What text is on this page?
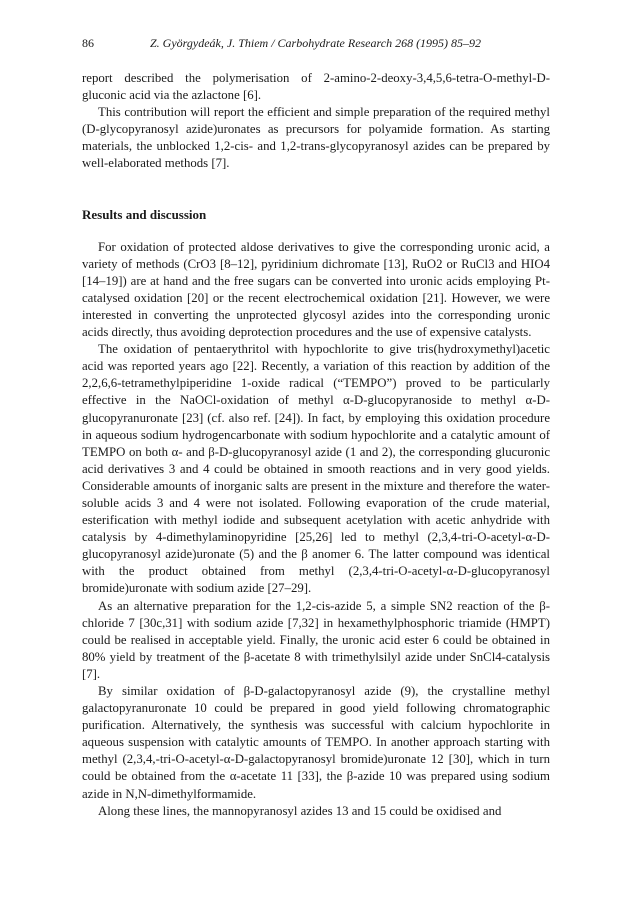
86	Z. Györgydeák, J. Thiem / Carbohydrate Research 268 (1995) 85–92

report described the polymerisation of 2-amino-2-deoxy-3,4,5,6-tetra-O-methyl-D-gluconic acid via the azlactone [6].

This contribution will report the efficient and simple preparation of the required methyl (D-glycopyranosyl azide)uronates as precursors for polyamide formation. As starting materials, the unblocked 1,2-cis- and 1,2-trans-glycopyranosyl azides can be prepared by well-elaborated methods [7].

Results and discussion

For oxidation of protected aldose derivatives to give the corresponding uronic acid, a variety of methods (CrO3 [8–12], pyridinium dichromate [13], RuO2 or RuCl3 and HIO4 [14–19]) are at hand and the free sugars can be converted into uronic acids employing Pt-catalysed oxidation [20] or the recent electrochemical oxidation [21]. However, we were interested in converting the unprotected glycosyl azides into the corresponding uronic acids directly, thus avoiding deprotection procedures and the use of expensive catalysts.

The oxidation of pentaerythritol with hypochlorite to give tris(hydroxymethyl)acetic acid was reported years ago [22]. Recently, a variation of this reaction by addition of the 2,2,6,6-tetramethylpiperidine 1-oxide radical (“TEMPO”) proved to be particularly effective in the NaOCl-oxidation of methyl α-D-glucopyranoside to methyl α-D-glucopyranuronate [23] (cf. also ref. [24]). In fact, by employing this oxidation procedure in aqueous sodium hydrogencarbonate with sodium hypochlorite and a catalytic amount of TEMPO on both α- and β-D-glucopyranosyl azide (1 and 2), the corresponding glucuronic acid derivatives 3 and 4 could be obtained in smooth reactions and in very good yields. Considerable amounts of inorganic salts are present in the mixture and therefore the water-soluble acids 3 and 4 were not isolated. Following evaporation of the crude material, esterification with methyl iodide and subsequent acetylation with acetic anhydride with catalysis by 4-dimethylaminopyridine [25,26] led to methyl (2,3,4-tri-O-acetyl-α-D-glucopyranosyl azide)uronate (5) and the β anomer 6. The latter compound was identical with the product obtained from methyl (2,3,4-tri-O-acetyl-α-D-glucopyranosyl bromide)uronate with sodium azide [27–29].

As an alternative preparation for the 1,2-cis-azide 5, a simple SN2 reaction of the β-chloride 7 [30c,31] with sodium azide [7,32] in hexamethylphosphoric triamide (HMPT) could be realised in acceptable yield. Finally, the uronic acid ester 6 could be obtained in 80% yield by treatment of the β-acetate 8 with trimethylsilyl azide under SnCl4-catalysis [7].

By similar oxidation of β-D-galactopyranosyl azide (9), the crystalline methyl galactopyranuronate 10 could be prepared in good yield following chromatographic purification. Alternatively, the synthesis was successful with calcium hypochlorite in aqueous suspension with catalytic amounts of TEMPO. In another approach starting with methyl (2,3,4,-tri-O-acetyl-α-D-galactopyranosyl bromide)uronate 12 [30], which in turn could be obtained from the α-acetate 11 [33], the β-azide 10 was prepared using sodium azide in N,N-dimethylformamide.

Along these lines, the mannopyranosyl azides 13 and 15 could be oxidised and
